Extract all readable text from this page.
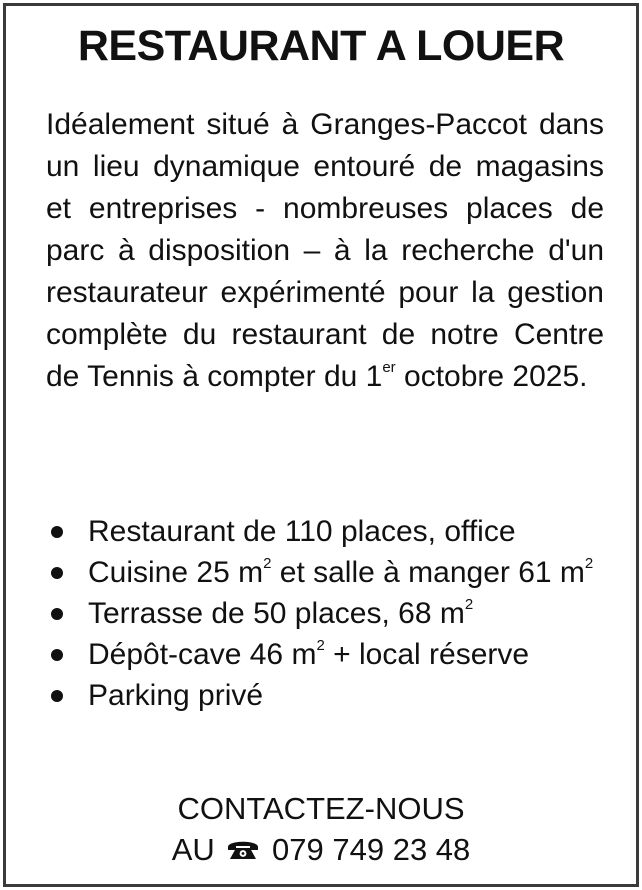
RESTAURANT A LOUER
Idéalement situé à Granges-Paccot dans un lieu dynamique entouré de magasins et entreprises - nombreuses places de parc à disposition – à la recherche d'un restaurateur expérimenté pour la gestion complète du restaurant de notre Centre de Tennis à compter du 1er octobre 2025.
Restaurant de 110 places, office
Cuisine 25 $m^2$ et salle à manger 61 $m^2$
Terrasse de 50 places, 68 $m^2$
Dépôt-cave 46 $m^2$ + local réserve
Parking privé
CONTACTEZ-NOUS
AU 079 749 23 48
